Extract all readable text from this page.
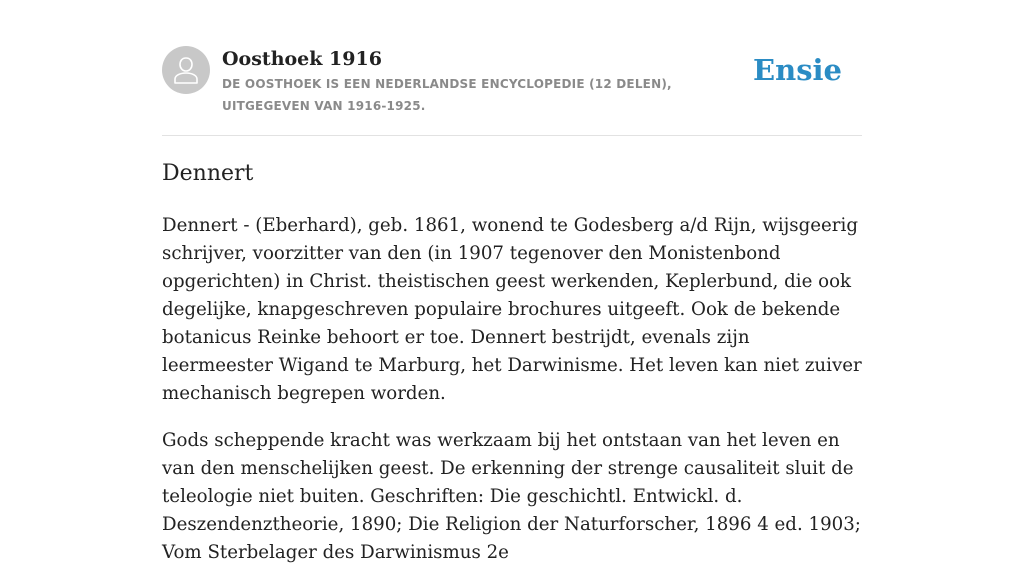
Oosthoek 1916

DE OOSTHOEK IS EEN NEDERLANDSE ENCYCLOPEDIE (12 DELEN), UITGEGEVEN VAN 1916-1925.

Ensie
Dennert

Dennert - (Eberhard), geb. 1861, wonend te Godesberg a/d Rijn, wijsgeerig schrijver, voorzitter van den (in 1907 tegenover den Monistenbond opgerichten) in Christ. theistischen geest werkenden, Keplerbund, die ook degelijke, knapgeschreven populaire brochures uitgeeft. Ook de bekende botanicus Reinke behoort er toe. Dennert bestrijdt, evenals zijn leermeester Wigand te Marburg, het Darwinisme. Het leven kan niet zuiver mechanisch begrepen worden.

Gods scheppende kracht was werkzaam bij het ontstaan van het leven en van den menschelijken geest. De erkenning der strenge causaliteit sluit de teleologie niet buiten. Geschriften: Die geschichtl. Entwickl. d. Deszendenztheorie, 1890; Die Religion der Naturforscher, 1896 4 ed. 1903; Vom Sterbelager des Darwinismus 2e
